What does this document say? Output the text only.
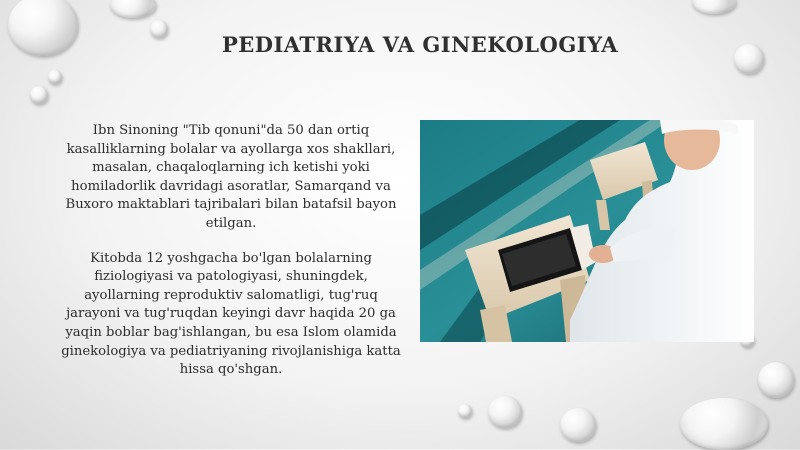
PEDIATRIYA VA GINEKOLOGIYA

Ibn Sinoning "Tib qonuni"da 50 dan ortiq kasalliklarning bolalar va ayollarga xos shakllari, masalan, chaqaloqlarning ich ketishi yoki homiladorlik davridagi asoratlar, Samarqand va Buxoro maktablari tajribalari bilan batafsil bayon etilgan.

Kitobda 12 yoshgacha bo'lgan bolalarning fiziologiyasi va patologiyasi, shuningdek, ayollarning reproduktiv salomatligi, tug'ruq jarayoni va tug'ruqdan keyingi davr haqida 20 ga yaqin boblar bag'ishlangan, bu esa Islom olamida ginekologiya va pediatriyaning rivojlanishiga katta hissa qo'shgan.
